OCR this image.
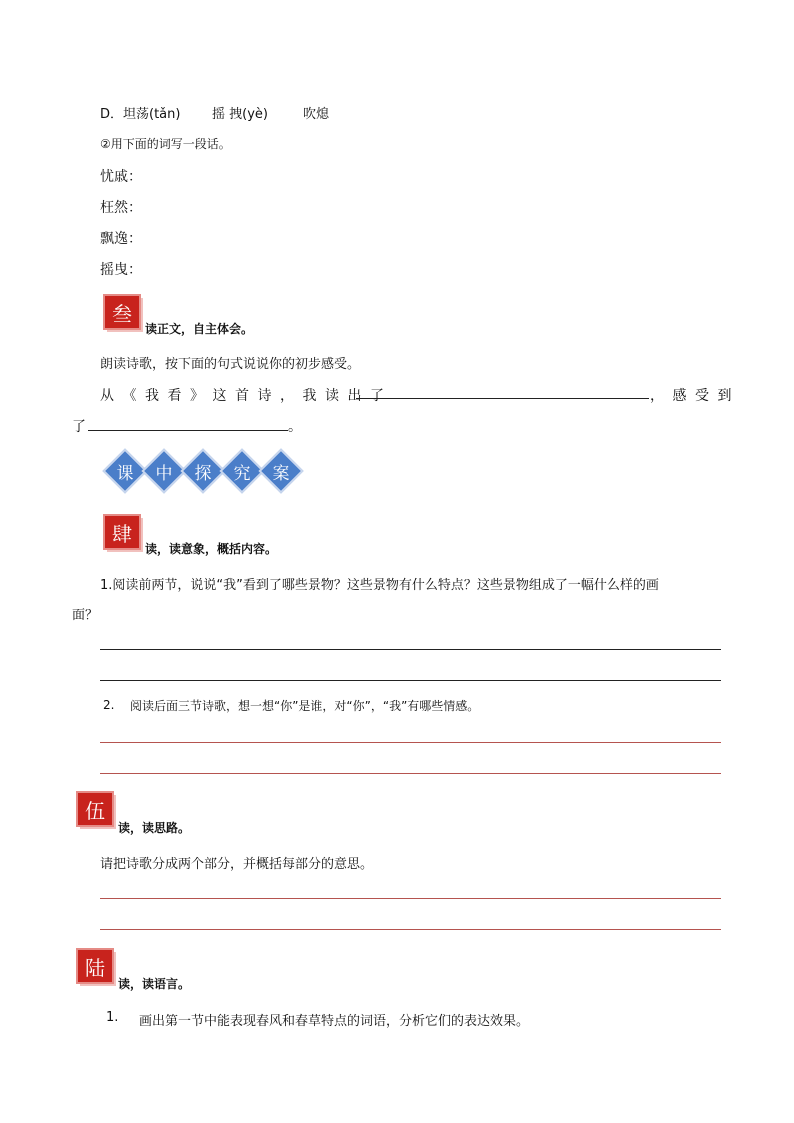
D．坦荡(tǎn) 摇 拽(yè)	吹熄
②用下面的词写一段话。
忧戚：
枉然：
飘逸：
摇曳：
叁
读正文，自主体会。
朗读诗歌，按下面的句式说说你的初步感受。
从《我看》这首诗，我读出了	，感受到
了	。
课	中	探	究	案
肆
读，读意象，概括内容。
1.阅读前两节，说说“我”看到了哪些景物？这些景物有什么特点？这些景物组成了一幅什么样的画
面？
2. 阅读后面三节诗歌，想一想“你”是谁，对“你”，“我”有哪些情感。
伍
读，读思路。
请把诗歌分成两个部分，并概括每部分的意思。
陆
读，读语言。
1. 画出第一节中能表现春风和春草特点的词语，分析它们的表达效果。
